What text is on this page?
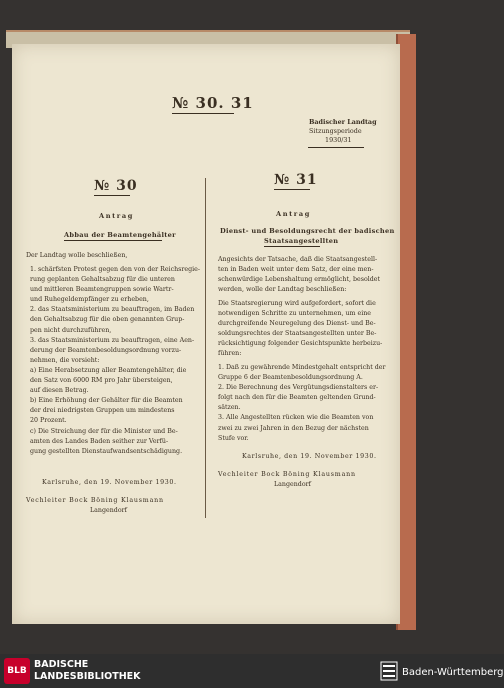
№ 30. 31
Badischer Landtag
Sitzungsperiode
1930/31
№ 30
Antrag
Abbau der Beamtengehälter
Der Landtag wolle beschließen,
1. schärfsten Protest gegen den von der Reichsregie-
rung geplanten Gehaltsabzug für die unteren
und mittleren Beamtengruppen sowie Wartr-
und Ruhegeldempfänger zu erheben,
2. das Staatsministerium zu beauftragen, im Baden
den Gehaltsabzug für die oben genannten Grup-
pen nicht durchzuführen,
3. das Staatsministerium zu beauftragen, eine Aen-
derung der Beamtenbesoldungsordnung vorzu-
nehmen, die vorsieht:
a) Eine Herabsetzung aller Beamtengehälter, die
den Satz von 6000 RM pro Jahr übersteigen,
auf diesen Betrag.
b) Eine Erhöhung der Gehälter für die Beamten
der drei niedrigsten Gruppen um mindestens
20 Prozent.
c) Die Streichung der für die Minister und Be-
amten des Landes Baden seither zur Verfü-
gung gestellten Dienstaufwandsentschädigung.
Karlsruhe, den 19. November 1930.
Vechleiter Bock Böning Klausmann
Langendorf
№ 31
Antrag
Dienst- und Besoldungsrecht der badischen
Staatsangestellten
Angesichts der Tatsache, daß die Staatsangestell-
ten in Baden weit unter dem Satz, der eine men-
schenwürdige Lebenshaltung ermöglicht, besoldet
werden, wolle der Landtag beschließen:
Die Staatsregierung wird aufgefordert, sofort die
notwendigen Schritte zu unternehmen, um eine
durchgreifende Neuregelung des Dienst- und Be-
soldungsrechtes der Staatsangestellten unter Be-
rücksichtigung folgender Gesichtspunkte herbeizu-
führen:
1. Daß zu gewährende Mindestgehalt entspricht der
Gruppe 6 der Beamtenbesoldungsordnung A.
2. Die Berechnung des Vergütungsdienstalters er-
folgt nach den für die Beamten geltenden Grund-
sätzen.
3. Alle Angestellten rücken wie die Beamten von
zwei zu zwei Jahren in den Bezug der nächsten
Stufe vor.
Karlsruhe, den 19. November 1930.
Vechleiter Bock Böning Klausmann
Langendorf
BLB
BADISCHE
LANDESBIBLIOTHEK	Baden-Württemberg
